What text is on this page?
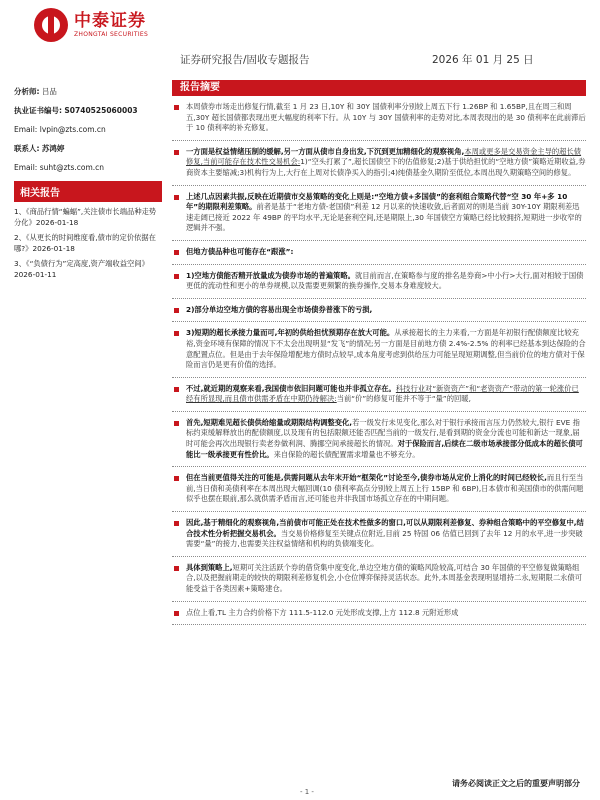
中泰证券
ZHONGTAI SECURITIES
证券研究报告/固收专题报告	2026 年 01 月 25 日
分析师: 吕品
执业证书编号: S0740525060003
Email: lvpin@zts.com.cn
联系人: 苏鸿婷
Email: suht@zts.com.cn
相关报告
1、《商品行情“蝙蝠”,关注债市长端品种走势分化》2026-01-18
2、《从更长的时间维度看,债市的定价依据在哪?》2026-01-18
3、《“负债行为”定高度,资产端收益空间》2026-01-11
报告摘要
本周债券市场走出修复行情,截至 1 月 23 日,10Y 和 30Y 国债利率分别较上周五下行 1.26BP 和 1.65BP,且在周三和周五,30Y 超长国债都表现出更大幅度的利率下行。从 10Y 与 30Y 国债利率的走势对比,本周表现出的是 30 债利率在此前滞后于 10 债利率的补充修复。
一方面是权益情绪压制的缓解,另一方面从债市自身出发,下沉到更加精细化的观察视角,本周或更多是交易资金主导的超长债修复,当前可能存在技术性交易机会:1)“空头打累了”,超长国债空下的估值修复;2)基于供给担忧的“空地方债”策略近期收益,券商资本主要缩减;3)机构行为上,大行在上周对长债净买入的指引;4)纯债基金久期阶至低位,本周出现久期策略空间的修复。
上述几点因素共振,反映在近期债市交易策略的变化上则是:“空地方债+多国债”的套利组合策略代替“空 30 年+多 10 年”的期限利差策略。前者是基于“老地方债-老国债”利差 12 月以来的快速收敛,后者面对的则是当前 30Y-10Y 期限利差迅速走阔已接近 2022 年 49BP 的平均水平,无论是套利空间,还是期限上,30 年国债空方策略已经比较拥挤,短期进一步收窄的逻辑并不强。
但地方债品种也可能存在“跟涨”:
1)空地方债能否精开放量成为债券市场的普遍策略。就目前而言,在策略参与度的排名是券商>中小行>大行,面对相较于国债更低的流动性和更小的单券规模,以及需要更频繁的换券操作,交易本身难度较大。
2)部分单边空地方债的容易出现全市场债券普涨下的亏损,
3)短期的超长承接力量而可,年初的供给担忧预期存在放大可能。从承接超长的主力来看,一方面是年初银行配债额度比较充裕,资金环境有保障的情况下不太会出现明显“发飞”的情况;另一方面是目前地方债 2.4%-2.5% 的利率已经基本到达保险的合意配置点位。但是由于去年保险增配地方债时点较早,成本角度考虑到供给压力可能呈现短期调整,但当前价位的地方债对于保险而言仍是更有价值的选择。
不过,就近期的观察来看,我国债市依旧问题可能也并非孤立存在。科技行业对“新资资产”和“老资资产”带动的第一轮涨价已经有所显现,而且债市供需矛盾在中期仍待解决:当前“价”的修复可能并不等于“量”的回暖,
首先,短期难见超长债供给缩量或期限结构调整变化,若一级发行未见变化,那么对于银行承接而言压力仍然较大,银行 EVE 指标约束缓解释放出的配债额度,以及现有的包括限额还能否匹配当前的一级发行,是看到期的资金分流也可能和新达一现象,届时可能会再次出现银行卖老券做利润、腾挪空间承接超长的情况。对于保险而言,后续在二级市场承接部分低成本的超长债可能比一级承接更有性价比。来自保险的超长债配置需求增量也不够充分。
但在当前更值得关注的可能是,供需问题从去年末开始“框架化”讨论至今,债券市场从定价上消化的时间已经较长,而且行至当前,当日债和美债利率在本周出现大幅回调(10 债利率高点分别较上周五上行 15BP 和 6BP),日本债市和美国债市的供需问题似乎也摆在眼前,那么就供需矛盾而言,还可能也并非我国市场孤立存在的中期问题。
因此,基于精细化的观察视角,当前债市可能正处在技术性做多的窗口,可以从期限利差修复、券种组合策略中的平空修复中,结合技术性分析把握交易机会。当交易价格修复至关键点位附近,目前 25 特国 06 估值已回到了去年 12 月的水平,进一步突破需要“量”的接力,也需要关注权益情绪和机构的负债端变化。
具体到策略上,短期可关注活跃个券的借贷集中度变化,单边空地方债的策略风险较高,可结合 30 年国债的平空修复做策略组合,以及把握前期走的较快的期限利差修复机会,小仓位博弈保持灵活状态。此外,本周基金表现明显增持二永,短期限二永债可能受益于各类因素+策略建仓。
点位上看,TL 主力合约价格下方 111.5-112.0 元处形成支撑,上方 112.8 元附近形成
请务必阅读正文之后的重要声明部分
- 1 -
